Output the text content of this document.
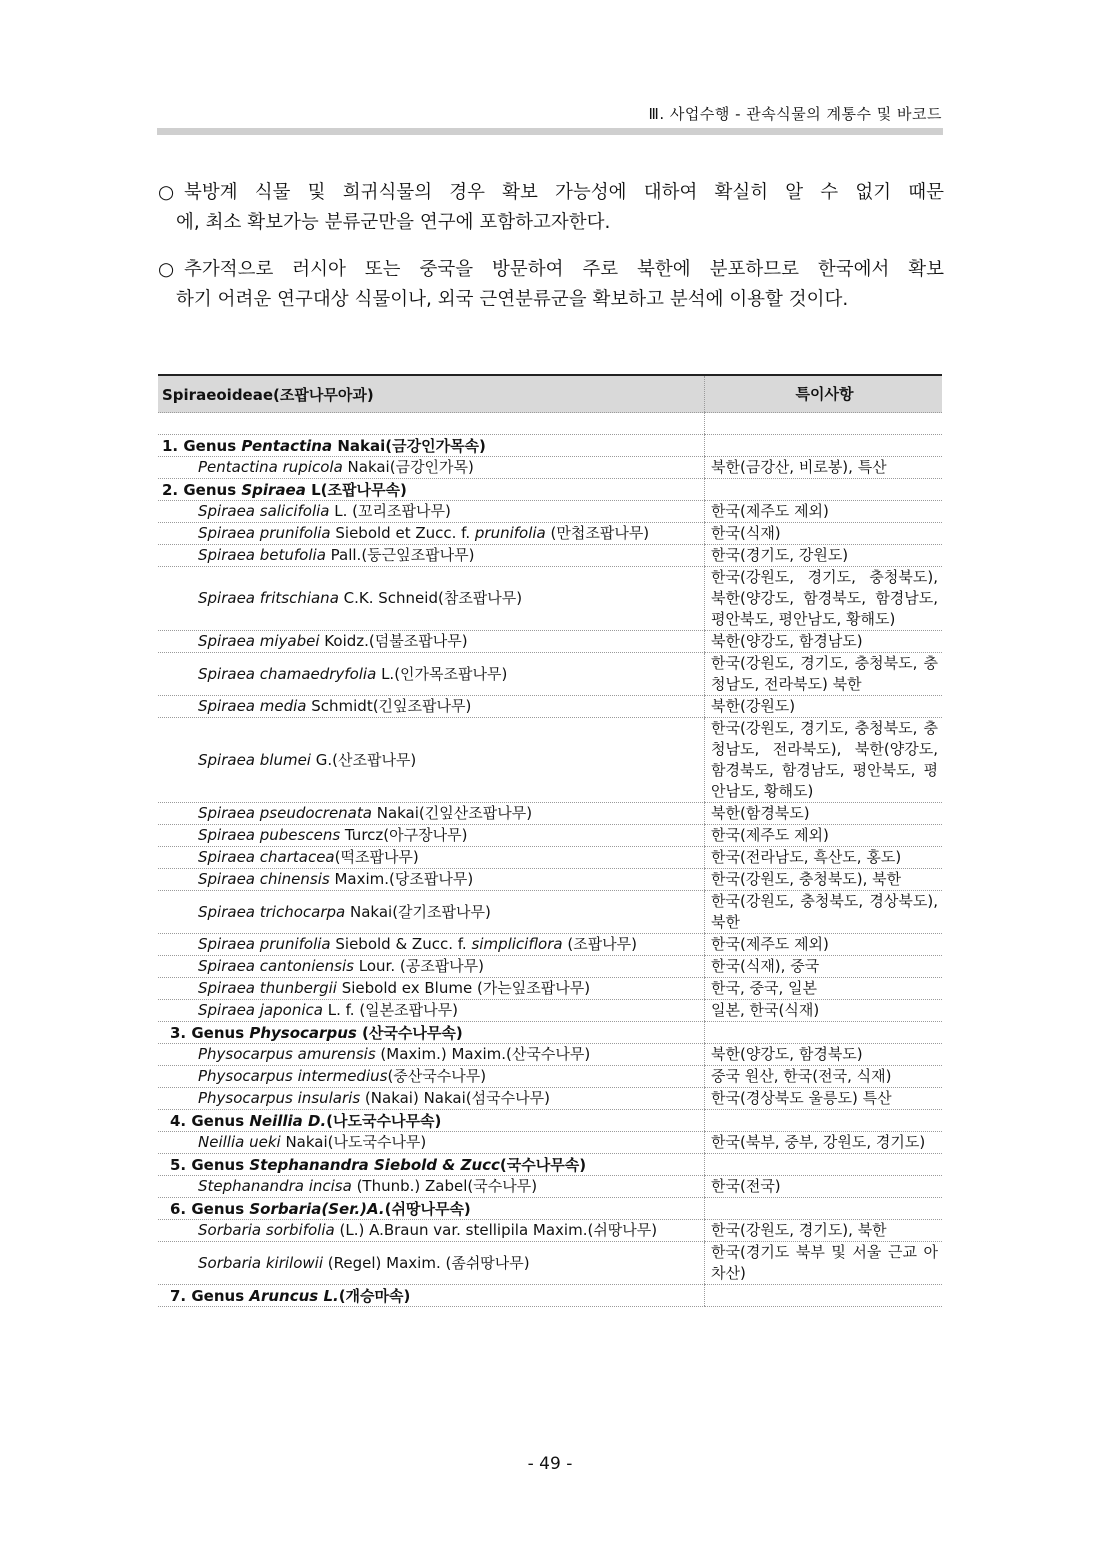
Ⅲ. 사업수행 - 관속식물의 계통수 및 바코드
○ 북방계 식물 및 희귀식물의 경우 확보 가능성에 대하여 확실히 알 수 없기 때문
에, 최소 확보가능 분류군만을 연구에 포함하고자한다.
○ 추가적으로 러시아 또는 중국을 방문하여 주로 북한에 분포하므로 한국에서 확보
하기 어려운 연구대상 식물이나, 외국 근연분류군을 확보하고 분석에 이용할 것이다.
Spiraeoideae(조팝나무아과)	특이사항

1. Genus Pentactina Nakai(금강인가목속)	
Pentactina rupicola Nakai(금강인가목)	북한(금강산, 비로봉), 특산
2. Genus Spiraea L(조팝나무속)	
Spiraea salicifolia L. (꼬리조팝나무)	한국(제주도 제외)
Spiraea prunifolia Siebold et Zucc. f. prunifolia (만첩조팝나무)	한국(식재)
Spiraea betufolia Pall.(둥근잎조팝나무)	한국(경기도, 강원도)
Spiraea fritschiana C.K. Schneid(참조팝나무)	한국(강원도, 경기도, 충청북도), 북한(양강도, 함경북도, 함경남도, 평안북도, 평안남도, 황해도)
Spiraea miyabei Koidz.(덤불조팝나무)	북한(양강도, 함경남도)
Spiraea chamaedryfolia L.(인가목조팝나무)	한국(강원도, 경기도, 충청북도, 충청남도, 전라북도) 북한
Spiraea media Schmidt(긴잎조팝나무)	북한(강원도)
Spiraea blumei G.(산조팝나무)	한국(강원도, 경기도, 충청북도, 충청남도, 전라북도), 북한(양강도, 함경북도, 함경남도, 평안북도, 평안남도, 황해도)
Spiraea pseudocrenata Nakai(긴잎산조팝나무)	북한(함경북도)
Spiraea pubescens Turcz(아구장나무)	한국(제주도 제외)
Spiraea chartacea(떡조팝나무)	한국(전라남도, 흑산도, 홍도)
Spiraea chinensis Maxim.(당조팝나무)	한국(강원도, 충청북도), 북한
Spiraea trichocarpa Nakai(갈기조팝나무)	한국(강원도, 충청북도, 경상북도), 북한
Spiraea prunifolia Siebold & Zucc. f. simpliciflora (조팝나무)	한국(제주도 제외)
Spiraea cantoniensis Lour. (공조팝나무)	한국(식재), 중국
Spiraea thunbergii Siebold ex Blume (가는잎조팝나무)	한국, 중국, 일본
Spiraea japonica L. f. (일본조팝나무)	일본, 한국(식재)
3. Genus Physocarpus (산국수나무속)	
Physocarpus amurensis (Maxim.) Maxim.(산국수나무)	북한(양강도, 함경북도)
Physocarpus intermedius(중산국수나무)	중국 원산, 한국(전국, 식재)
Physocarpus insularis (Nakai) Nakai(섬국수나무)	한국(경상북도 울릉도) 특산
4. Genus Neillia D.(나도국수나무속)	
Neillia ueki Nakai(나도국수나무)	한국(북부, 중부, 강원도, 경기도)
5. Genus Stephanandra Siebold & Zucc(국수나무속)	
Stephanandra incisa (Thunb.) Zabel(국수나무)	한국(전국)
6. Genus Sorbaria(Ser.)A.(쉬땅나무속)	
Sorbaria sorbifolia (L.) A.Braun var. stellipila Maxim.(쉬땅나무)	한국(강원도, 경기도), 북한
Sorbaria kirilowii (Regel) Maxim. (좀쉬땅나무)	한국(경기도 북부 및 서울 근교 아차산)
7. Genus Aruncus L.(개승마속)	
- 49 -
